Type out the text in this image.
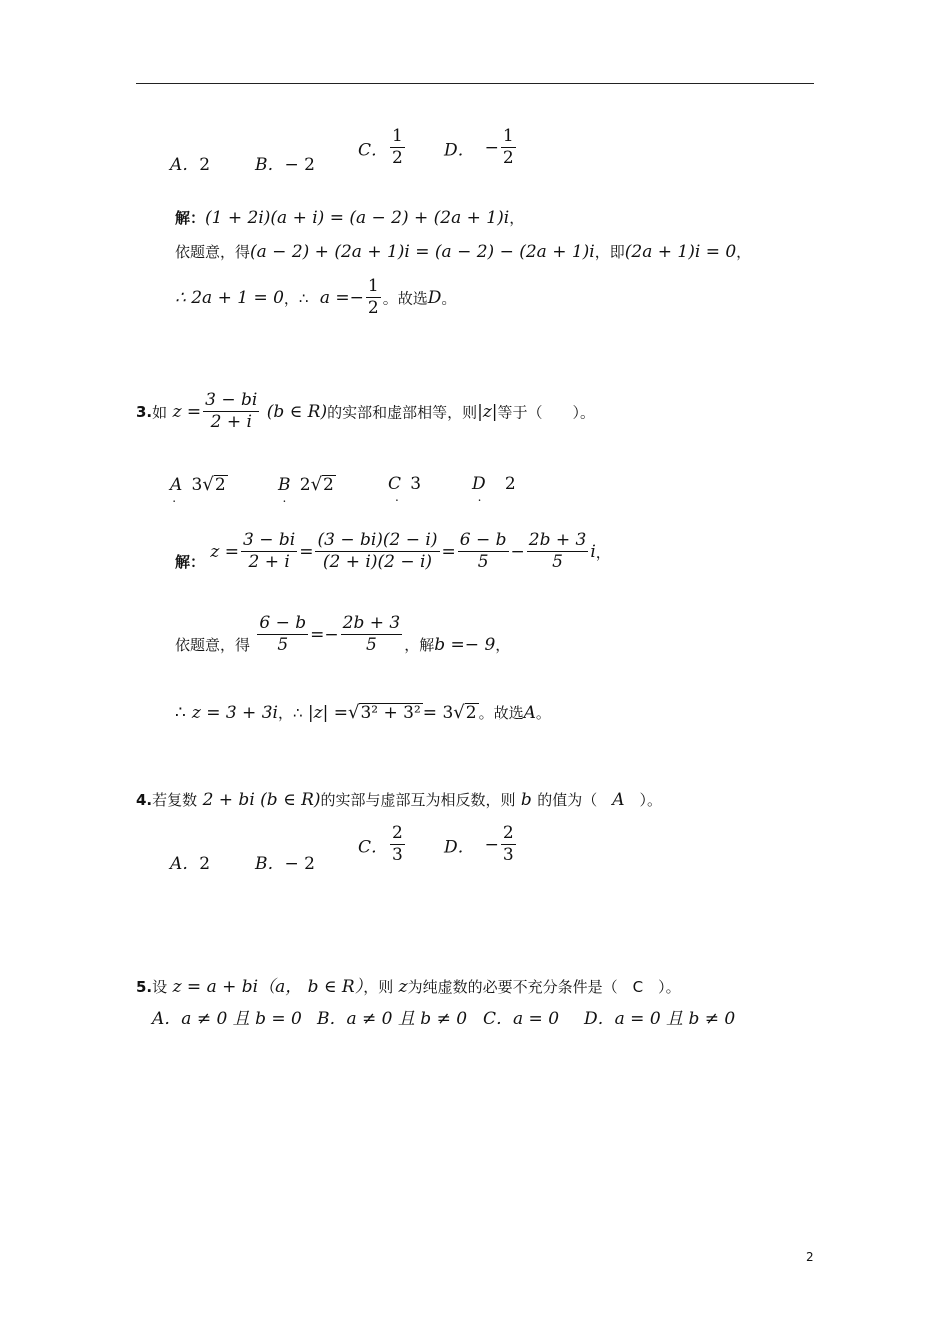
A．2	B．− 2
C． $\frac{1}{2}$ D． − $\frac{1}{2}$
解：(1 + 2i)(a + i) = (a − 2) + (2a + 1)i，
依题意，得(a − 2) + (2a + 1)i = (a − 2) − (2a + 1)i，即(2a + 1)i = 0，
∴ 2a + 1 = 0，∴ $a =- \frac{1}{2}$ 。故选D。
3.如 $z = \frac{3 - bi}{2 + i} (b$ ∈ R)的实部和虚部相等，则|z|等于（　　）。
$A_.$ 3√2	$B_.$ 2√2	$C_.$ 3	$D_.$ 2
解： $z = \frac{3 - bi}{2 + i} = \frac{(3 - bi)(2 - i)}{(2 + i)(2 - i)} = \frac{6 - b}{5} - \frac{2b + 3}{5}$ i，
依题意，得 $\frac{6 - b}{5} =- \frac{2b + 3}{5}$ ，解b =− 9，
∴ z = 3 + 3i，∴ |z| =√3² + 3² = 3√2 。故选A。
4.若复数 2 + bi (b ∈ R)的实部与虚部互为相反数，则 b 的值为（　A　）。
A．2	B．− 2
C． $\frac{2}{3}$ D． − $\frac{2}{3}$
5.设 z = a + bi（a， b ∈ R），则 z为纯虚数的必要不充分条件是（　C　）。
A．a ≠ 0 且 b = 0 B．a ≠ 0 且 b ≠ 0 C．a = 0 D．a = 0 且 b ≠ 0
2
